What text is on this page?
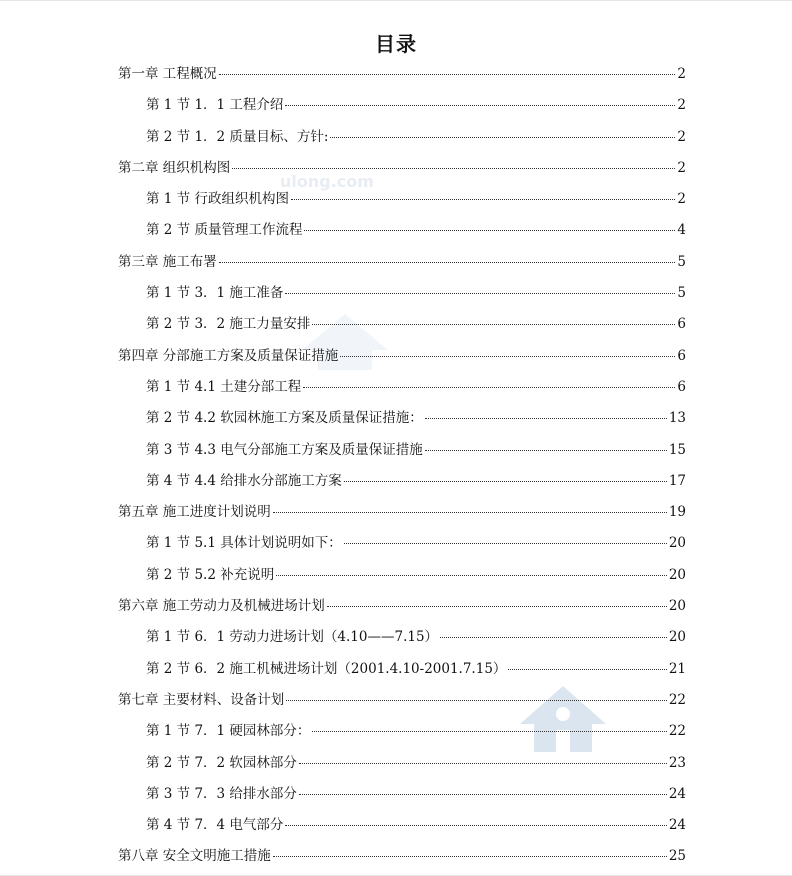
目录
ulong.com
第一章 工程概况	2
第 1 节 1．1 工程介绍	2
第 2 节 1．2 质量目标、方针:	2
第二章 组织机构图	2
第 1 节 行政组织机构图	2
第 2 节 质量管理工作流程	4
第三章 施工布署	5
第 1 节 3．1 施工准备	5
第 2 节 3．2 施工力量安排	6
第四章 分部施工方案及质量保证措施	6
第 1 节 4.1 土建分部工程	6
第 2 节 4.2 软园林施工方案及质量保证措施：	13
第 3 节 4.3 电气分部施工方案及质量保证措施	15
第 4 节 4.4 给排水分部施工方案	17
第五章 施工进度计划说明	19
第 1 节 5.1 具体计划说明如下：	20
第 2 节 5.2 补充说明	20
第六章 施工劳动力及机械进场计划	20
第 1 节 6．1 劳动力进场计划（4.10——7.15）	20
第 2 节 6．2 施工机械进场计划（2001.4.10-2001.7.15）	21
第七章 主要材料、设备计划	22
第 1 节 7．1 硬园林部分：	22
第 2 节 7．2 软园林部分	23
第 3 节 7．3 给排水部分	24
第 4 节 7．4 电气部分	24
第八章 安全文明施工措施	25
